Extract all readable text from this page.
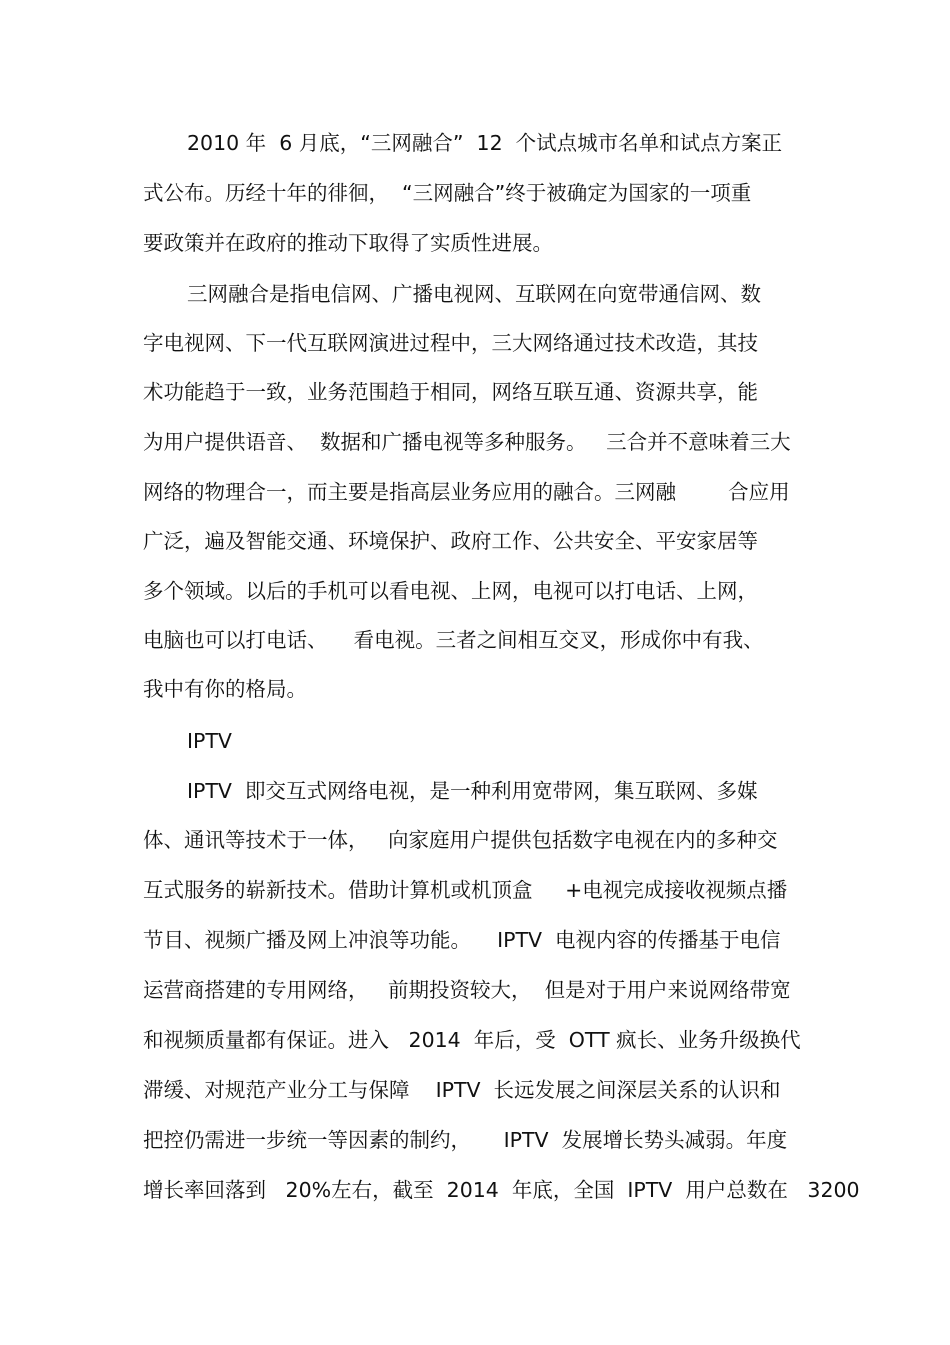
2010 年  6 月底，“三网融合”  12  个试点城市名单和试点方案正
式公布。历经十年的徘徊，  “三网融合”终于被确定为国家的一项重
要政策并在政府的推动下取得了实质性进展。
三网融合是指电信网、广播电视网、互联网在向宽带通信网、数
字电视网、下一代互联网演进过程中，三大网络通过技术改造，其技
术功能趋于一致，业务范围趋于相同，网络互联互通、资源共享，能
为用户提供语音、  数据和广播电视等多种服务。   三合并不意味着三大
网络的物理合一，而主要是指高层业务应用的融合。三网融        合应用
广泛，遍及智能交通、环境保护、政府工作、公共安全、平安家居等
多个领域。以后的手机可以看电视、上网，电视可以打电话、上网，
电脑也可以打电话、    看电视。三者之间相互交叉，形成你中有我、
我中有你的格局。
IPTV
IPTV  即交互式网络电视，是一种利用宽带网，集互联网、多媒
体、通讯等技术于一体，   向家庭用户提供包括数字电视在内的多种交
互式服务的崭新技术。借助计算机或机顶盒     +电视完成接收视频点播
节目、视频广播及网上冲浪等功能。    IPTV  电视内容的传播基于电信
运营商搭建的专用网络，   前期投资较大，  但是对于用户来说网络带宽
和视频质量都有保证。进入   2014  年后，受  OTT 疯长、业务升级换代
滞缓、对规范产业分工与保障    IPTV  长远发展之间深层关系的认识和
把控仍需进一步统一等因素的制约，     IPTV  发展增长势头减弱。年度
增长率回落到   20%左右，截至  2014  年底，全国  IPTV  用户总数在   3200
